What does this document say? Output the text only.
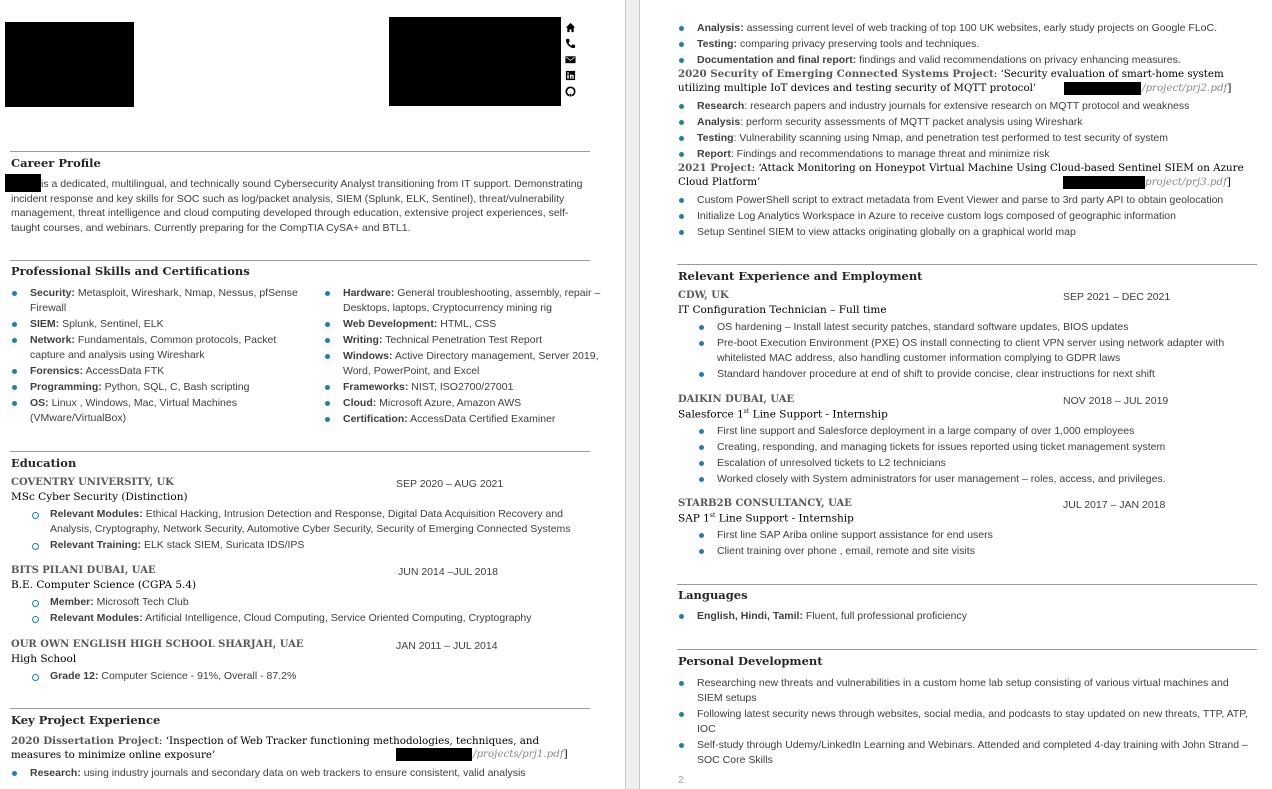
Career Profile
is a dedicated, multilingual, and technically sound Cybersecurity Analyst transitioning from IT support. Demonstrating incident response and key skills for SOC such as log/packet analysis, SIEM (Splunk, ELK, Sentinel), threat/vulnerability management, threat intelligence and cloud computing developed through education, extensive project experiences, self-taught courses, and webinars. Currently preparing for the CompTIA CySA+ and BTL1.
Professional Skills and Certifications
Security: Metasploit, Wireshark, Nmap, Nessus, pfSense Firewall
SIEM: Splunk, Sentinel, ELK
Network: Fundamentals, Common protocols, Packet capture and analysis using Wireshark
Forensics: AccessData FTK
Programming: Python, SQL, C, Bash scripting
OS: Linux , Windows, Mac, Virtual Machines (VMware/VirtualBox)
Hardware: General troubleshooting, assembly, repair – Desktops, laptops, Cryptocurrency mining rig
Web Development: HTML, CSS
Writing: Technical Penetration Test Report
Windows: Active Directory management, Server 2019, Word, PowerPoint, and Excel
Frameworks: NIST, ISO2700/27001
Cloud: Microsoft Azure, Amazon AWS
Certification: AccessData Certified Examiner
Education
COVENTRY UNIVERSITY, UK	SEP 2020 – AUG 2021
MSc Cyber Security (Distinction)
Relevant Modules: Ethical Hacking, Intrusion Detection and Response, Digital Data Acquisition Recovery and Analysis, Cryptography, Network Security, Automotive Cyber Security, Security of Emerging Connected Systems
Relevant Training: ELK stack SIEM, Suricata IDS/IPS
BITS PILANI DUBAI, UAE	JUN 2014 –JUL 2018
B.E. Computer Science (CGPA 5.4)
Member: Microsoft Tech Club
Relevant Modules: Artificial Intelligence, Cloud Computing, Service Oriented Computing, Cryptography
OUR OWN ENGLISH HIGH SCHOOL SHARJAH, UAE	JAN 2011 – JUL 2014
High School
Grade 12: Computer Science - 91%, Overall - 87.2%
Key Project Experience
2020 Dissertation Project: ‘Inspection of Web Tracker functioning methodologies, techniques, and measures to minimize online exposure’	/projects/prj1.pdf]
Research: using industry journals and secondary data on web trackers to ensure consistent, valid analysis
Analysis: assessing current level of web tracking of top 100 UK websites, early study projects on Google FLoC.
Testing: comparing privacy preserving tools and techniques.
Documentation and final report: findings and valid recommendations on privacy enhancing measures.
2020 Security of Emerging Connected Systems Project: ‘Security evaluation of smart-home system utilizing multiple IoT devices and testing security of MQTT protocol’	/project/prj2.pdf]
Research: research papers and industry journals for extensive research on MQTT protocol and weakness
Analysis: perform security assessments of MQTT packet analysis using Wireshark
Testing: Vulnerability scanning using Nmap, and penetration test performed to test security of system
Report: Findings and recommendations to manage threat and minimize risk
2021 Project: ‘Attack Monitoring on Honeypot Virtual Machine Using Cloud-based Sentinel SIEM on Azure Cloud Platform’	project/prj3.pdf]
Custom PowerShell script to extract metadata from Event Viewer and parse to 3rd party API to obtain geolocation
Initialize Log Analytics Workspace in Azure to receive custom logs composed of geographic information
Setup Sentinel SIEM to view attacks originating globally on a graphical world map
Relevant Experience and Employment
CDW, UK	SEP 2021 – DEC 2021
IT Configuration Technician – Full time
OS hardening – Install latest security patches, standard software updates, BIOS updates
Pre-boot Execution Environment (PXE) OS install connecting to client VPN server using network adapter with whitelisted MAC address, also handling customer information complying to GDPR laws
Standard handover procedure at end of shift to provide concise, clear instructions for next shift
DAIKIN DUBAI, UAE	NOV 2018 – JUL 2019
Salesforce 1st Line Support - Internship
First line support and Salesforce deployment in a large company of over 1,000 employees
Creating, responding, and managing tickets for issues reported using ticket management system
Escalation of unresolved tickets to L2 technicians
Worked closely with System administrators for user management – roles, access, and privileges.
STARB2B CONSULTANCY, UAE	JUL 2017 – JAN 2018
SAP 1st Line Support - Internship
First line SAP Ariba online support assistance for end users
Client training over phone , email, remote and site visits
Languages
English, Hindi, Tamil: Fluent, full professional proficiency
Personal Development
Researching new threats and vulnerabilities in a custom home lab setup consisting of various virtual machines and SIEM setups
Following latest security news through websites, social media, and podcasts to stay updated on new threats, TTP, ATP, IOC
Self-study through Udemy/LinkedIn Learning and Webinars. Attended and completed 4-day training with John Strand – SOC Core Skills
2
